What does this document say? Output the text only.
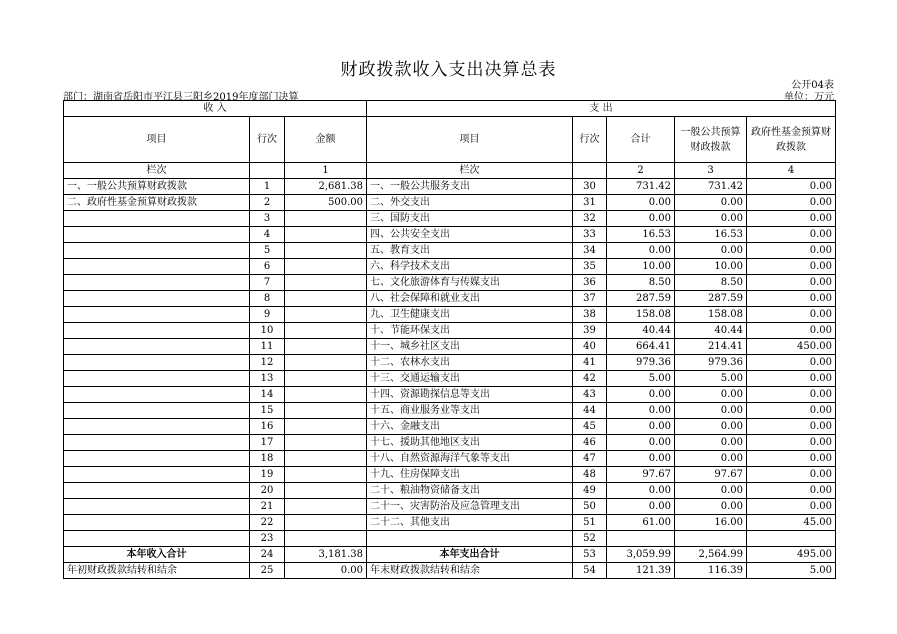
财政拨款收入支出决算总表
公开04表
部门：湖南省岳阳市平江县三阳乡2019年度部门决算	单位：万元
收 入			支 出				
项目	行次	金额	项目	行次	合计	一般公共预算财政拨款	政府性基金预算财政拨款
栏次		1	栏次		2	3	4
一、一般公共预算财政拨款	1	2,681.38	一、一般公共服务支出	30	731.42	731.42	0.00
二、政府性基金预算财政拨款	2	500.00	二、外交支出	31	0.00	0.00	0.00
	3		三、国防支出	32	0.00	0.00	0.00
	4		四、公共安全支出	33	16.53	16.53	0.00
	5		五、教育支出	34	0.00	0.00	0.00
	6		六、科学技术支出	35	10.00	10.00	0.00
	7		七、文化旅游体育与传媒支出	36	8.50	8.50	0.00
	8		八、社会保障和就业支出	37	287.59	287.59	0.00
	9		九、卫生健康支出	38	158.08	158.08	0.00
	10		十、节能环保支出	39	40.44	40.44	0.00
	11		十一、城乡社区支出	40	664.41	214.41	450.00
	12		十二、农林水支出	41	979.36	979.36	0.00
	13		十三、交通运输支出	42	5.00	5.00	0.00
	14		十四、资源勘探信息等支出	43	0.00	0.00	0.00
	15		十五、商业服务业等支出	44	0.00	0.00	0.00
	16		十六、金融支出	45	0.00	0.00	0.00
	17		十七、援助其他地区支出	46	0.00	0.00	0.00
	18		十八、自然资源海洋气象等支出	47	0.00	0.00	0.00
	19		十九、住房保障支出	48	97.67	97.67	0.00
	20		二十、粮油物资储备支出	49	0.00	0.00	0.00
	21		二十一、灾害防治及应急管理支出	50	0.00	0.00	0.00
	22		二十二、其他支出	51	61.00	16.00	45.00
	23			52			
本年收入合计	24	3,181.38	本年支出合计	53	3,059.99	2,564.99	495.00
年初财政拨款结转和结余	25	0.00	年末财政拨款结转和结余	54	121.39	116.39	5.00
